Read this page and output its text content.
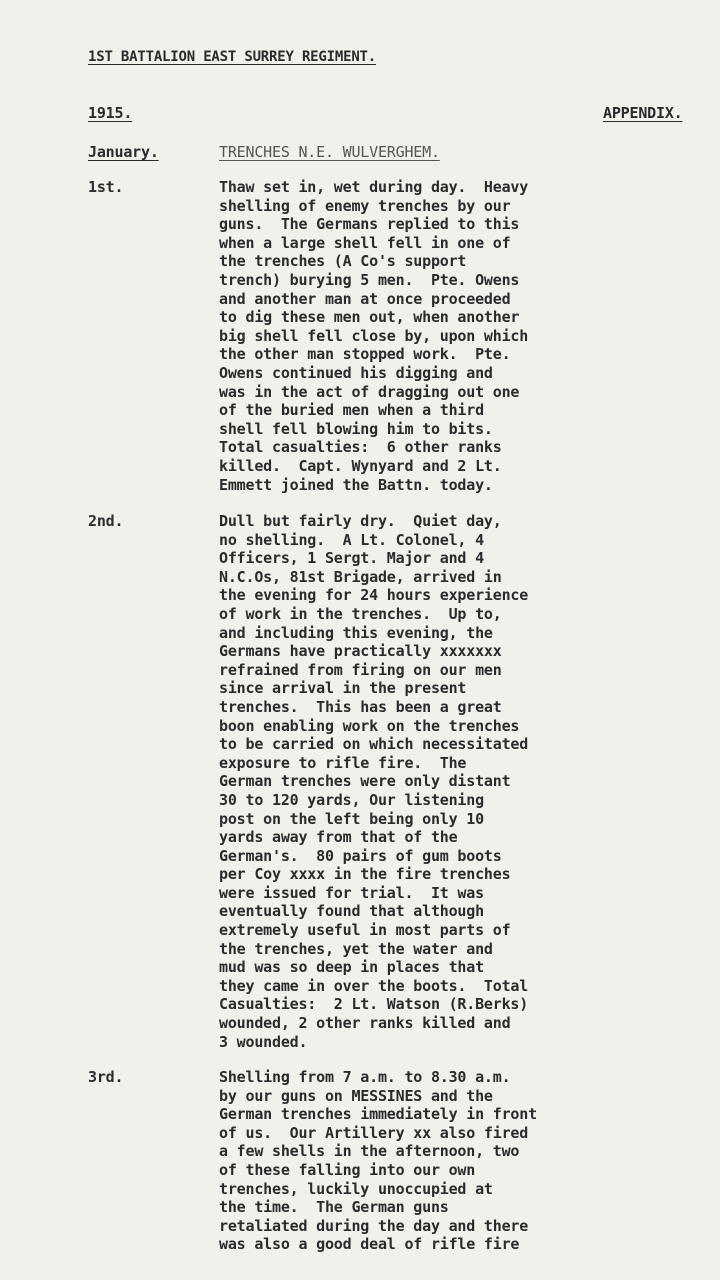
1ST BATTALION EAST SURREY REGIMENT.
1915.	APPENDIX.
January.	TRENCHES N.E. WULVERGHEM.
1st.	Thaw set in, wet during day.  Heavy
shelling of enemy trenches by our
guns.  The Germans replied to this
when a large shell fell in one of
the trenches (A Co's support
trench) burying 5 men.  Pte. Owens
and another man at once proceeded
to dig these men out, when another
big shell fell close by, upon which
the other man stopped work.  Pte.
Owens continued his digging and
was in the act of dragging out one
of the buried men when a third
shell fell blowing him to bits.
Total casualties:  6 other ranks
killed.  Capt. Wynyard and 2 Lt.
Emmett joined the Battn. today.
2nd.	Dull but fairly dry.  Quiet day,
no shelling.  A Lt. Colonel, 4
Officers, 1 Sergt. Major and 4
N.C.Os, 81st Brigade, arrived in
the evening for 24 hours experience
of work in the trenches.  Up to,
and including this evening, the
Germans have practically xxxxxxx
refrained from firing on our men
since arrival in the present
trenches.  This has been a great
boon enabling work on the trenches
to be carried on which necessitated
exposure to rifle fire.  The
German trenches were only distant
30 to 120 yards, Our listening
post on the left being only 10
yards away from that of the
German's.  80 pairs of gum boots
per Coy xxxx in the fire trenches
were issued for trial.  It was
eventually found that although
extremely useful in most parts of
the trenches, yet the water and
mud was so deep in places that
they came in over the boots.  Total
Casualties:  2 Lt. Watson (R.Berks)
wounded, 2 other ranks killed and
3 wounded.
3rd.	Shelling from 7 a.m. to 8.30 a.m.
by our guns on MESSINES and the
German trenches immediately in front
of us.  Our Artillery xx also fired
a few shells in the afternoon, two
of these falling into our own
trenches, luckily unoccupied at
the time.  The German guns
retaliated during the day and there
was also a good deal of rifle fire
